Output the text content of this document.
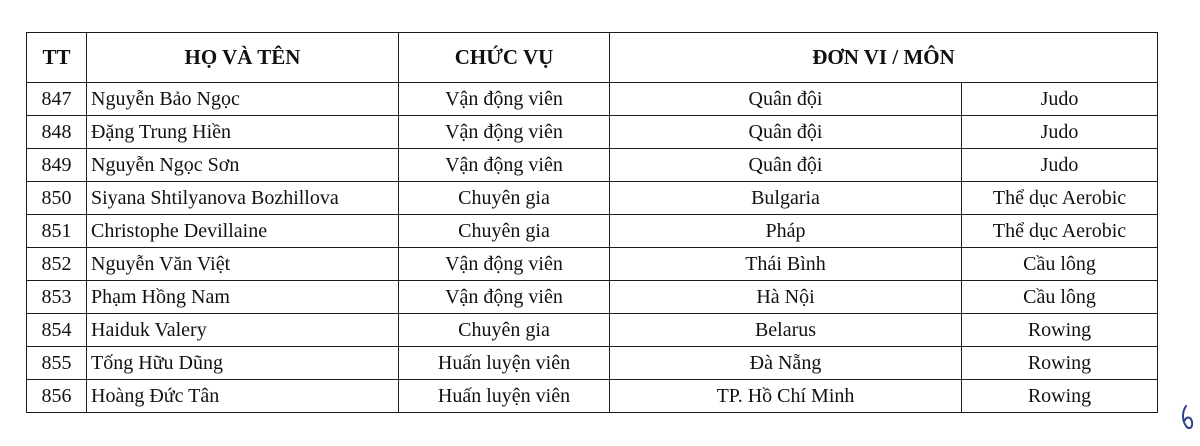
TT	HỌ VÀ TÊN	CHỨC VỤ	ĐƠN VI / MÔN	
847	Nguyễn Bảo Ngọc	Vận động viên	Quân đội	Judo
848	Đặng Trung Hiền	Vận động viên	Quân đội	Judo
849	Nguyễn Ngọc Sơn	Vận động viên	Quân đội	Judo
850	Siyana Shtilyanova Bozhillova	Chuyên gia	Bulgaria	Thể dục Aerobic
851	Christophe Devillaine	Chuyên gia	Pháp	Thể dục Aerobic
852	Nguyễn Văn Việt	Vận động viên	Thái Bình	Cầu lông
853	Phạm Hồng Nam	Vận động viên	Hà Nội	Cầu lông
854	Haiduk Valery	Chuyên gia	Belarus	Rowing
855	Tống Hữu Dũng	Huấn luyện viên	Đà Nẵng	Rowing
856	Hoàng Đức Tân	Huấn luyện viên	TP. Hồ Chí Minh	Rowing
